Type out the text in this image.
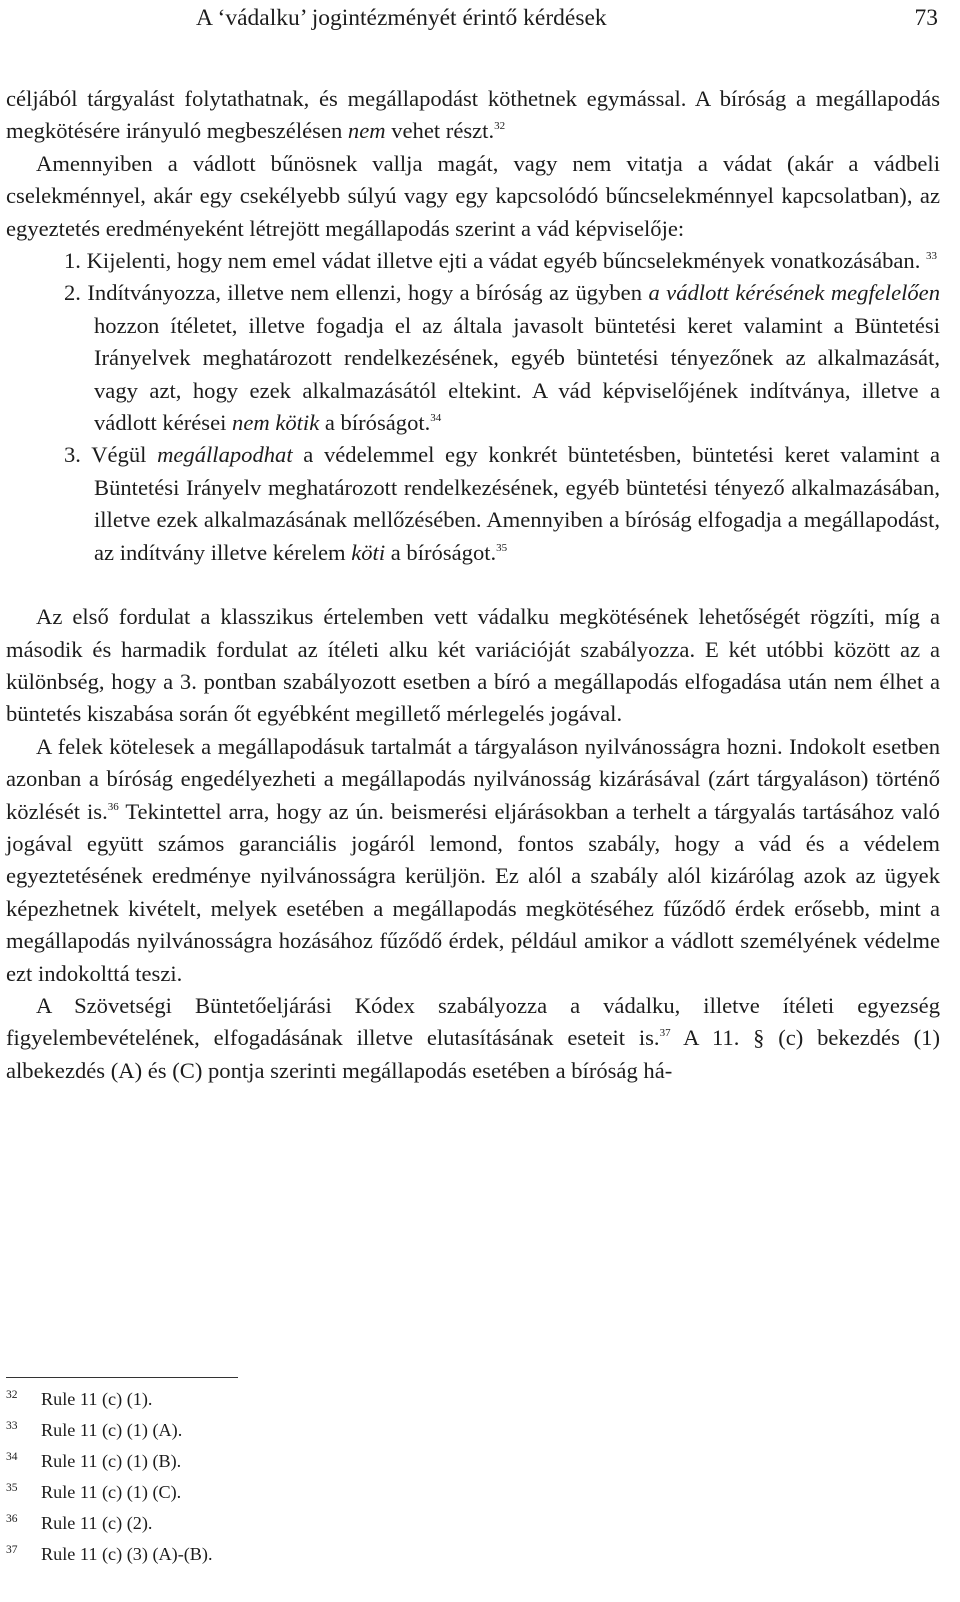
A ‘vádalku’ jogintézményét érintő kérdések	73

céljából tárgyalást folytathatnak, és megállapodást köthetnek egymással. A bíróság a megállapodás megkötésére irányuló megbeszélésen nem vehet részt.$^{32}$

Amennyiben a vádlott bűnösnek vallja magát, vagy nem vitatja a vádat (akár a vádbeli cselekménnyel, akár egy csekélyebb súlyú vagy egy kapcsolódó bűncselekménnyel kapcsolatban), az egyeztetés eredményeként létrejött megállapodás szerint a vád képviselője:

1. Kijelenti, hogy nem emel vádat illetve ejti a vádat egyéb bűncselekmények vonatkozásában. $^{33}$

2. Indítványozza, illetve nem ellenzi, hogy a bíróság az ügyben a vádlott kérésének megfelelően hozzon ítéletet, illetve fogadja el az általa javasolt büntetési keret valamint a Büntetési Irányelvek meghatározott rendelkezésének, egyéb büntetési tényezőnek az alkalmazását, vagy azt, hogy ezek alkalmazásától eltekint. A vád képviselőjének indítványa, illetve a vádlott kérései nem kötik a bíróságot.$^{34}$

3. Végül megállapodhat a védelemmel egy konkrét büntetésben, büntetési keret valamint a Büntetési Irányelv meghatározott rendelkezésének, egyéb büntetési tényező alkalmazásában, illetve ezek alkalmazásának mellőzésében. Amennyiben a bíróság elfogadja a megállapodást, az indítvány illetve kérelem köti a bíróságot.$^{35}$

Az első fordulat a klasszikus értelemben vett vádalku megkötésének lehetőségét rögzíti, míg a második és harmadik fordulat az ítéleti alku két variációját szabályozza. E két utóbbi között az a különbség, hogy a 3. pontban szabályozott esetben a bíró a megállapodás elfogadása után nem élhet a büntetés kiszabása során őt egyébként megillető mérlegelés jogával.

A felek kötelesek a megállapodásuk tartalmát a tárgyaláson nyilvánosságra hozni. Indokolt esetben azonban a bíróság engedélyezheti a megállapodás nyilvánosság kizárásával (zárt tárgyaláson) történő közlését is.$^{36}$ Tekintettel arra, hogy az ún. beismerési eljárásokban a terhelt a tárgyalás tartásához való jogával együtt számos garanciális jogáról lemond, fontos szabály, hogy a vád és a védelem egyeztetésének eredménye nyilvánosságra kerüljön. Ez alól a szabály alól kizárólag azok az ügyek képezhetnek kivételt, melyek esetében a megállapodás megkötéséhez fűződő érdek erősebb, mint a megállapodás nyilvánosságra hozásához fűződő érdek, például amikor a vádlott személyének védelme ezt indokolttá teszi.

A Szövetségi Büntetőeljárási Kódex szabályozza a vádalku, illetve ítéleti egyezség figyelembevételének, elfogadásának illetve elutasításának eseteit is.$^{37}$ A 11. § (c) bekezdés (1) albekezdés (A) és (C) pontja szerinti megállapodás esetében a bíróság há-

32 Rule 11 (c) (1).
33 Rule 11 (c) (1) (A).
34 Rule 11 (c) (1) (B).
35 Rule 11 (c) (1) (C).
36 Rule 11 (c) (2).
37 Rule 11 (c) (3) (A)-(B).
